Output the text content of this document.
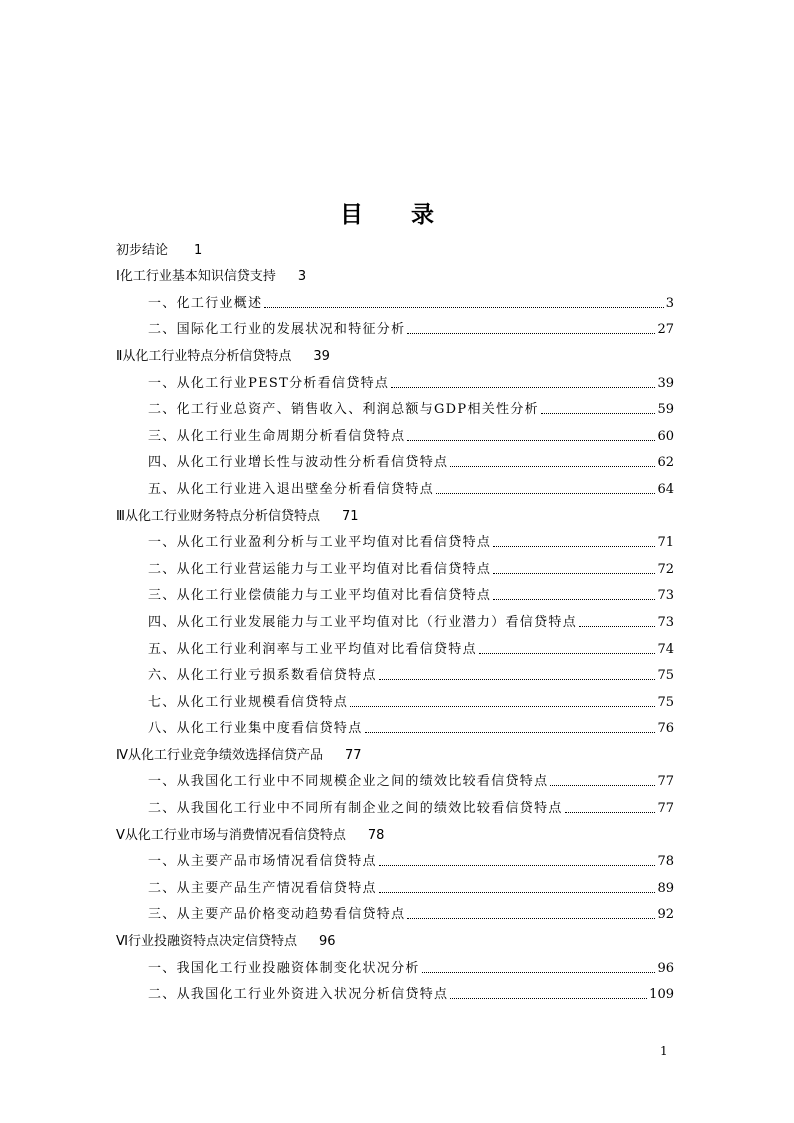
目 录
初步结论 1
Ⅰ化工行业基本知识信贷支持 3
一、化工行业概述	3
二、国际化工行业的发展状况和特征分析	27
Ⅱ从化工行业特点分析信贷特点 39
一、从化工行业PEST分析看信贷特点	39
二、化工行业总资产、销售收入、利润总额与GDP相关性分析	59
三、从化工行业生命周期分析看信贷特点	60
四、从化工行业增长性与波动性分析看信贷特点	62
五、从化工行业进入退出壁垒分析看信贷特点	64
Ⅲ从化工行业财务特点分析信贷特点 71
一、从化工行业盈利分析与工业平均值对比看信贷特点	71
二、从化工行业营运能力与工业平均值对比看信贷特点	72
三、从化工行业偿债能力与工业平均值对比看信贷特点	73
四、从化工行业发展能力与工业平均值对比（行业潜力）看信贷特点	73
五、从化工行业利润率与工业平均值对比看信贷特点	74
六、从化工行业亏损系数看信贷特点	75
七、从化工行业规模看信贷特点	75
八、从化工行业集中度看信贷特点	76
Ⅳ从化工行业竞争绩效选择信贷产品 77
一、从我国化工行业中不同规模企业之间的绩效比较看信贷特点	77
二、从我国化工行业中不同所有制企业之间的绩效比较看信贷特点	77
Ⅴ从化工行业市场与消费情况看信贷特点 78
一、从主要产品市场情况看信贷特点	78
二、从主要产品生产情况看信贷特点	89
三、从主要产品价格变动趋势看信贷特点	92
Ⅵ行业投融资特点决定信贷特点 96
一、我国化工行业投融资体制变化状况分析	96
二、从我国化工行业外资进入状况分析信贷特点	109
1
